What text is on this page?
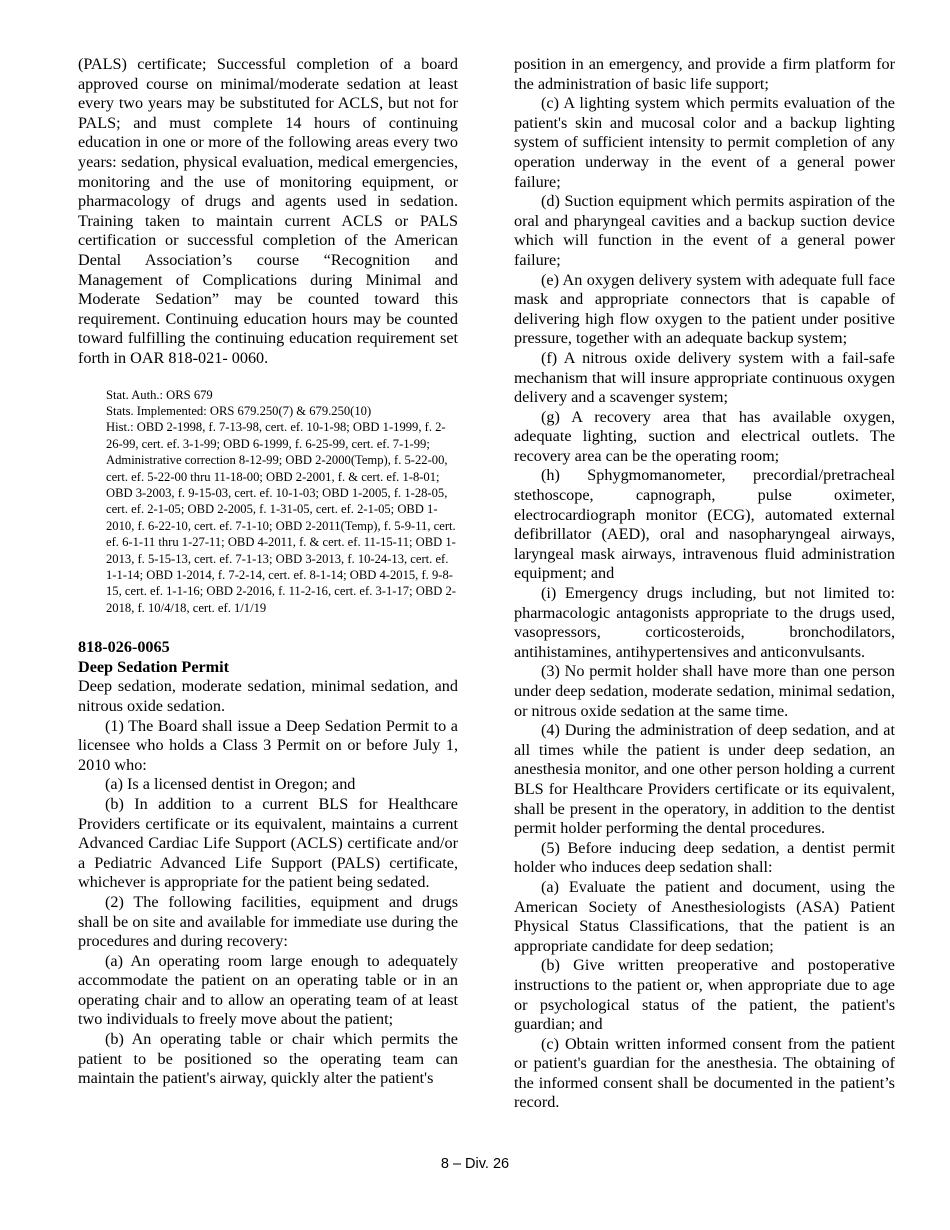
(PALS) certificate; Successful completion of a board approved course on minimal/moderate sedation at least every two years may be substituted for ACLS, but not for PALS; and must complete 14 hours of continuing education in one or more of the following areas every two years: sedation, physical evaluation, medical emergencies, monitoring and the use of monitoring equipment, or pharmacology of drugs and agents used in sedation. Training taken to maintain current ACLS or PALS certification or successful completion of the American Dental Association’s course “Recognition and Management of Complications during Minimal and Moderate Sedation” may be counted toward this requirement. Continuing education hours may be counted toward fulfilling the continuing education requirement set forth in OAR 818-021- 0060.

Stat. Auth.: ORS 679

Stats. Implemented: ORS 679.250(7) & 679.250(10)

Hist.: OBD 2-1998, f. 7-13-98, cert. ef. 10-1-98; OBD 1-1999, f. 2-26-99, cert. ef. 3-1-99; OBD 6-1999, f. 6-25-99, cert. ef. 7-1-99; Administrative correction 8-12-99; OBD 2-2000(Temp), f. 5-22-00, cert. ef. 5-22-00 thru 11-18-00; OBD 2-2001, f. & cert. ef. 1-8-01; OBD 3-2003, f. 9-15-03, cert. ef. 10-1-03; OBD 1-2005, f. 1-28-05, cert. ef. 2-1-05; OBD 2-2005, f. 1-31-05, cert. ef. 2-1-05; OBD 1-2010, f. 6-22-10, cert. ef. 7-1-10; OBD 2-2011(Temp), f. 5-9-11, cert. ef. 6-1-11 thru 1-27-11; OBD 4-2011, f. & cert. ef. 11-15-11; OBD 1-2013, f. 5-15-13, cert. ef. 7-1-13; OBD 3-2013, f. 10-24-13, cert. ef. 1-1-14; OBD 1-2014, f. 7-2-14, cert. ef. 8-1-14; OBD 4-2015, f. 9-8-15, cert. ef. 1-1-16; OBD 2-2016, f. 11-2-16, cert. ef. 3-1-17; OBD 2-2018, f. 10/4/18, cert. ef. 1/1/19

818-026-0065

Deep Sedation Permit

Deep sedation, moderate sedation, minimal sedation, and nitrous oxide sedation.

(1) The Board shall issue a Deep Sedation Permit to a licensee who holds a Class 3 Permit on or before July 1, 2010 who:

(a) Is a licensed dentist in Oregon; and

(b) In addition to a current BLS for Healthcare Providers certificate or its equivalent, maintains a current Advanced Cardiac Life Support (ACLS) certificate and/or a Pediatric Advanced Life Support (PALS) certificate, whichever is appropriate for the patient being sedated.

(2) The following facilities, equipment and drugs shall be on site and available for immediate use during the procedures and during recovery:

(a) An operating room large enough to adequately accommodate the patient on an operating table or in an operating chair and to allow an operating team of at least two individuals to freely move about the patient;

(b) An operating table or chair which permits the patient to be positioned so the operating team can maintain the patient's airway, quickly alter the patient's

position in an emergency, and provide a firm platform for the administration of basic life support;

(c) A lighting system which permits evaluation of the patient's skin and mucosal color and a backup lighting system of sufficient intensity to permit completion of any operation underway in the event of a general power failure;

(d) Suction equipment which permits aspiration of the oral and pharyngeal cavities and a backup suction device which will function in the event of a general power failure;

(e) An oxygen delivery system with adequate full face mask and appropriate connectors that is capable of delivering high flow oxygen to the patient under positive pressure, together with an adequate backup system;

(f) A nitrous oxide delivery system with a fail-safe mechanism that will insure appropriate continuous oxygen delivery and a scavenger system;

(g) A recovery area that has available oxygen, adequate lighting, suction and electrical outlets. The recovery area can be the operating room;

(h) Sphygmomanometer, precordial/pretracheal stethoscope, capnograph, pulse oximeter, electrocardiograph monitor (ECG), automated external defibrillator (AED), oral and nasopharyngeal airways, laryngeal mask airways, intravenous fluid administration equipment; and

(i) Emergency drugs including, but not limited to: pharmacologic antagonists appropriate to the drugs used, vasopressors, corticosteroids, bronchodilators, antihistamines, antihypertensives and anticonvulsants.

(3) No permit holder shall have more than one person under deep sedation, moderate sedation, minimal sedation, or nitrous oxide sedation at the same time.

(4) During the administration of deep sedation, and at all times while the patient is under deep sedation, an anesthesia monitor, and one other person holding a current BLS for Healthcare Providers certificate or its equivalent, shall be present in the operatory, in addition to the dentist permit holder performing the dental procedures.

(5) Before inducing deep sedation, a dentist permit holder who induces deep sedation shall:

(a) Evaluate the patient and document, using the American Society of Anesthesiologists (ASA) Patient Physical Status Classifications, that the patient is an appropriate candidate for deep sedation;

(b) Give written preoperative and postoperative instructions to the patient or, when appropriate due to age or psychological status of the patient, the patient's guardian; and

(c) Obtain written informed consent from the patient or patient's guardian for the anesthesia. The obtaining of the informed consent shall be documented in the patient’s record.

8 – Div. 26
